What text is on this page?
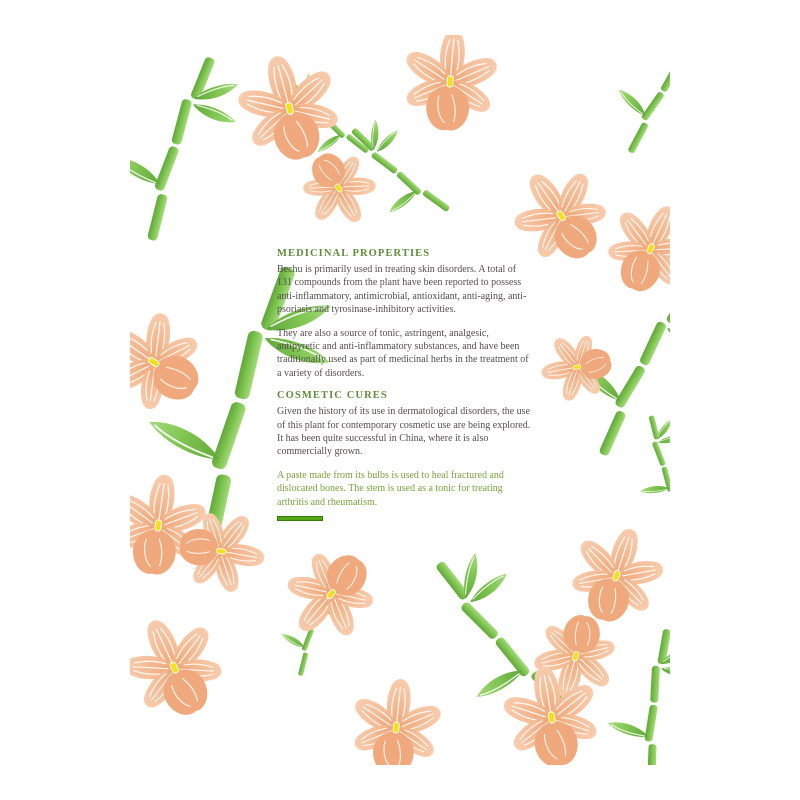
MEDICINAL PROPERTIES

Bechu is primarily used in treating skin disorders. A total of 131 compounds from the plant have been reported to possess anti-inflammatory, antimicrobial, antioxidant, anti-aging, anti-psoriasis and tyrosinase-inhibitory activities.

They are also a source of tonic, astringent, analgesic, antipyretic and anti-inflammatory substances, and have been traditionally used as part of medicinal herbs in the treatment of a variety of disorders.

COSMETIC CURES

Given the history of its use in dermatological disorders, the use of this plant for contemporary cosmetic use are being explored. It has been quite successful in China, where it is also commercially grown.

A paste made from its bulbs is used to heal fractured and dislocated bones. The stem is used as a tonic for treating arthritis and rheumatism.
